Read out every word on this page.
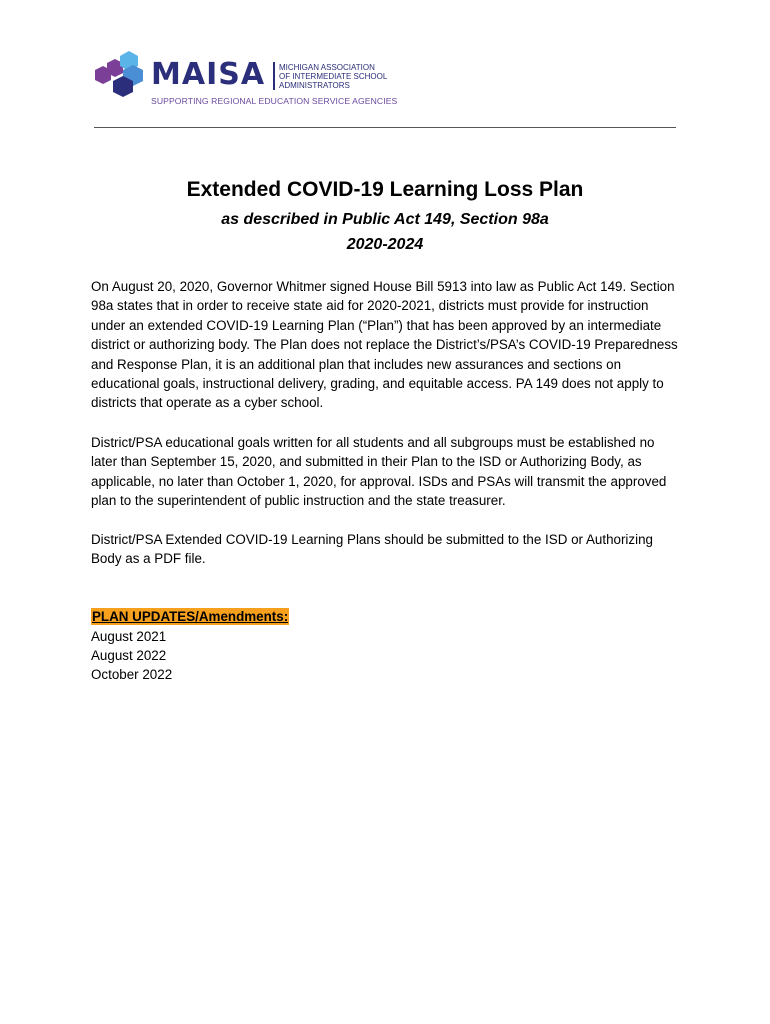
MAISA MICHIGAN ASSOCIATION
OF INTERMEDIATE SCHOOL
ADMINISTRATORS
SUPPORTING REGIONAL EDUCATION SERVICE AGENCIES
Extended COVID-19 Learning Loss Plan
as described in Public Act 149, Section 98a
2020-2024

On August 20, 2020, Governor Whitmer signed House Bill 5913 into law as Public Act 149. Section 98a states that in order to receive state aid for 2020-2021, districts must provide for instruction under an extended COVID-19 Learning Plan (“Plan”) that has been approved by an intermediate district or authorizing body. The Plan does not replace the District’s/PSA’s COVID-19 Preparedness and Response Plan, it is an additional plan that includes new assurances and sections on educational goals, instructional delivery, grading, and equitable access. PA 149 does not apply to districts that operate as a cyber school.

District/PSA educational goals written for all students and all subgroups must be established no later than September 15, 2020, and submitted in their Plan to the ISD or Authorizing Body, as applicable, no later than October 1, 2020, for approval. ISDs and PSAs will transmit the approved plan to the superintendent of public instruction and the state treasurer.

District/PSA Extended COVID-19 Learning Plans should be submitted to the ISD or Authorizing Body as a PDF file.

PLAN UPDATES/Amendments:
August 2021
August 2022
October 2022
